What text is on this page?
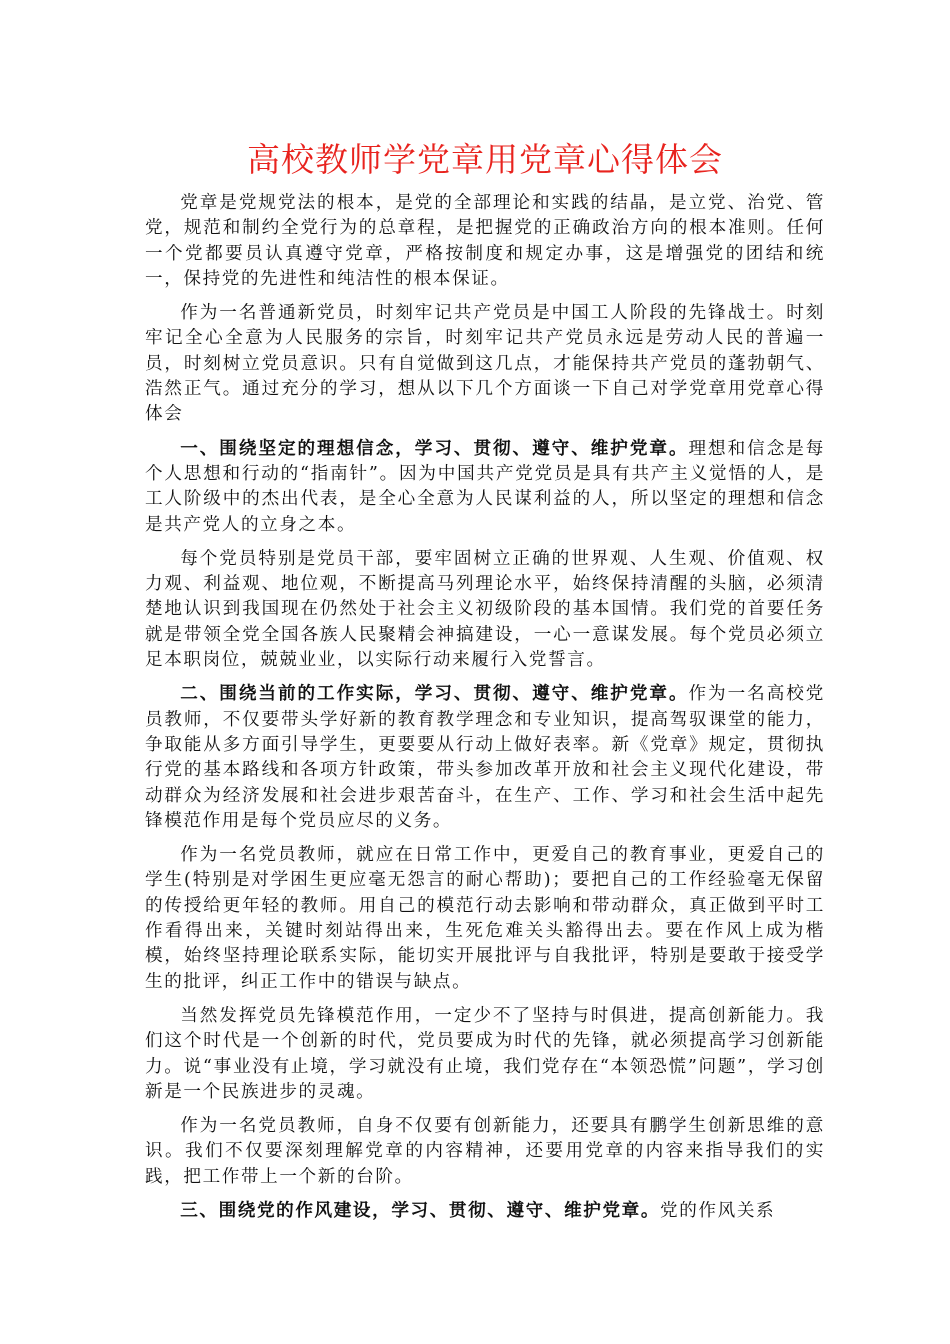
高校教师学党章用党章心得体会

党章是党规党法的根本，是党的全部理论和实践的结晶，是立党、治党、管党，规范和制约全党行为的总章程，是把握党的正确政治方向的根本准则。任何一个党都要员认真遵守党章，严格按制度和规定办事，这是增强党的团结和统一，保持党的先进性和纯洁性的根本保证。

作为一名普通新党员，时刻牢记共产党员是中国工人阶段的先锋战士。时刻牢记全心全意为人民服务的宗旨，时刻牢记共产党员永远是劳动人民的普遍一员，时刻树立党员意识。只有自觉做到这几点，才能保持共产党员的蓬勃朝气、浩然正气。通过充分的学习，想从以下几个方面谈一下自己对学党章用党章心得体会

一、围绕坚定的理想信念，学习、贯彻、遵守、维护党章。理想和信念是每个人思想和行动的“指南针”。因为中国共产党党员是具有共产主义觉悟的人，是工人阶级中的杰出代表，是全心全意为人民谋利益的人，所以坚定的理想和信念是共产党人的立身之本。

每个党员特别是党员干部，要牢固树立正确的世界观、人生观、价值观、权力观、利益观、地位观，不断提高马列理论水平，始终保持清醒的头脑，必须清楚地认识到我国现在仍然处于社会主义初级阶段的基本国情。我们党的首要任务就是带领全党全国各族人民聚精会神搞建设，一心一意谋发展。每个党员必须立足本职岗位，兢兢业业，以实际行动来履行入党誓言。

二、围绕当前的工作实际，学习、贯彻、遵守、维护党章。作为一名高校党员教师，不仅要带头学好新的教育教学理念和专业知识，提高驾驭课堂的能力，争取能从多方面引导学生，更要要从行动上做好表率。新《党章》规定，贯彻执行党的基本路线和各项方针政策，带头参加改革开放和社会主义现代化建设，带动群众为经济发展和社会进步艰苦奋斗，在生产、工作、学习和社会生活中起先锋模范作用是每个党员应尽的义务。

作为一名党员教师，就应在日常工作中，更爱自己的教育事业，更爱自己的学生(特别是对学困生更应毫无怨言的耐心帮助)；要把自己的工作经验毫无保留的传授给更年轻的教师。用自己的模范行动去影响和带动群众，真正做到平时工作看得出来，关键时刻站得出来，生死危难关头豁得出去。要在作风上成为楷模，始终坚持理论联系实际，能切实开展批评与自我批评，特别是要敢于接受学生的批评，纠正工作中的错误与缺点。

当然发挥党员先锋模范作用，一定少不了坚持与时俱进，提高创新能力。我们这个时代是一个创新的时代，党员要成为时代的先锋，就必须提高学习创新能力。说“事业没有止境，学习就没有止境，我们党存在“本领恐慌”问题”，学习创新是一个民族进步的灵魂。

作为一名党员教师，自身不仅要有创新能力，还要具有鹏学生创新思维的意识。我们不仅要深刻理解党章的内容精神，还要用党章的内容来指导我们的实践，把工作带上一个新的台阶。

三、围绕党的作风建设，学习、贯彻、遵守、维护党章。党的作风关系
